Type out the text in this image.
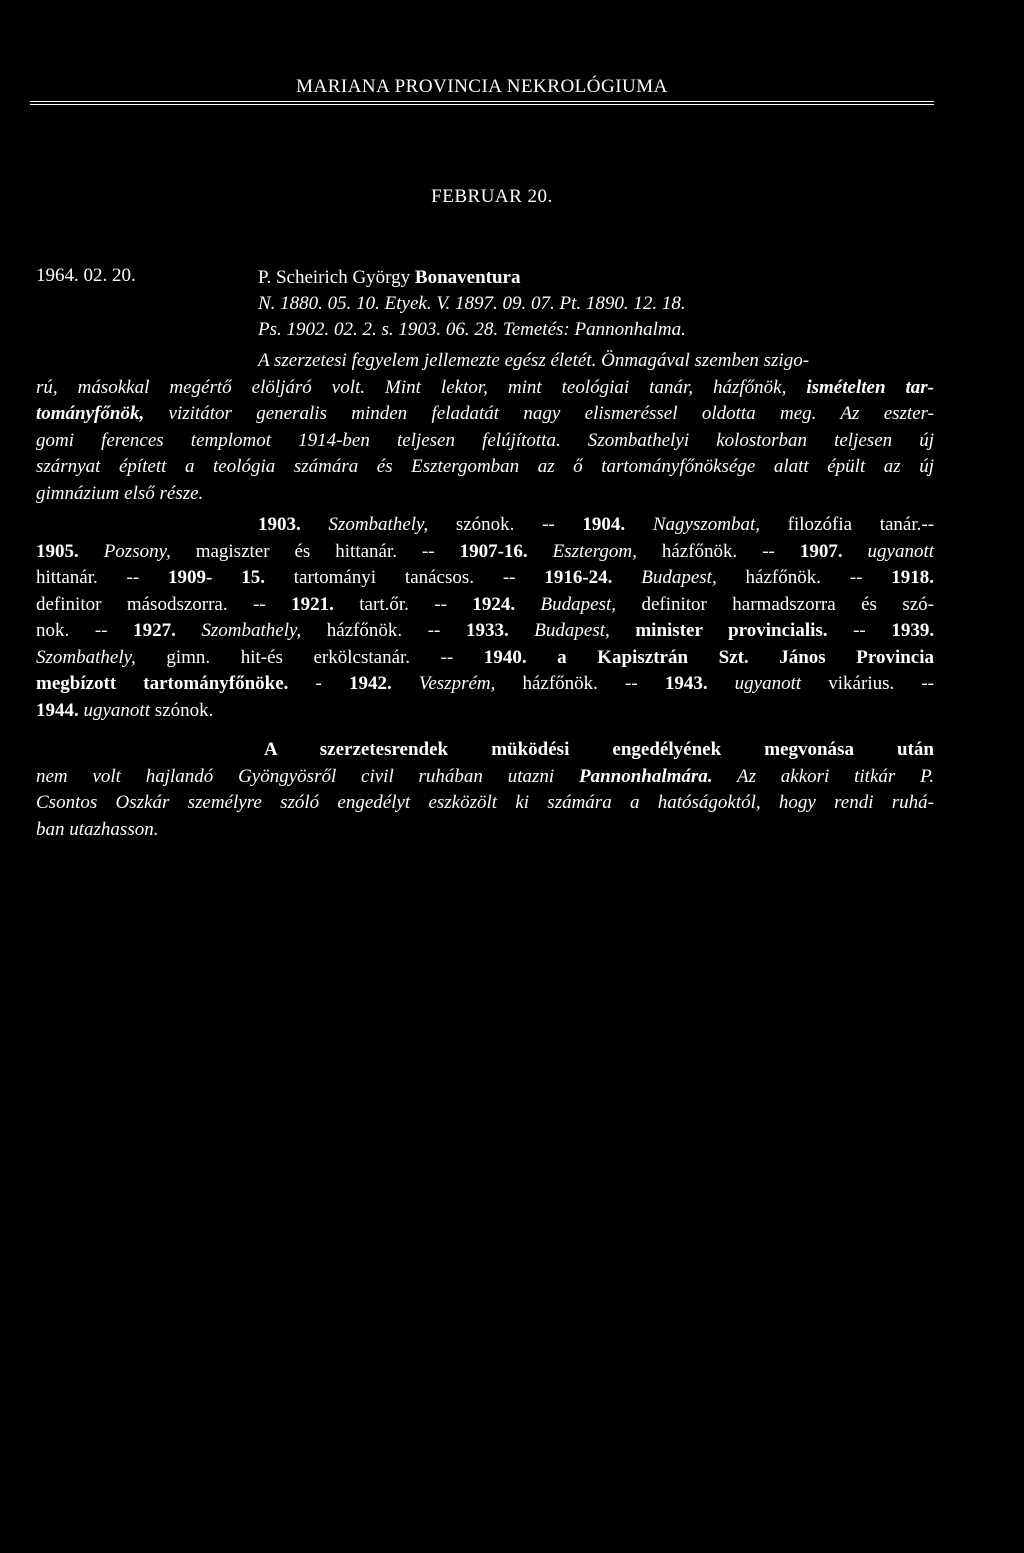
MARIANA PROVINCIA NEKROLÓGIUMA
FEBRUAR 20.
1964. 02. 20.	P. Scheirich György Bonaventura
N. 1880. 05. 10. Etyek. V. 1897. 09. 07. Pt. 1890. 12. 18.
Ps. 1902. 02. 2. s. 1903. 06. 28. Temetés: Pannonhalma.
A szerzetesi fegyelem jellemezte egész életét. Önmagával szemben szigo-
rú, másokkal megértő elöljáró volt. Mint lektor, mint teológiai tanár, házfőnök, ismételten tar-
tományfőnök, vizitátor generalis minden feladatát nagy elismeréssel oldotta meg. Az eszter-
gomi ferences templomot 1914-ben teljesen felújította. Szombathelyi kolostorban teljesen új
szárnyat épített a teológia számára és Esztergomban az ő tartományfőnöksége alatt épült az új
gimnázium első része.
1903. Szombathely, szónok. -- 1904. Nagyszombat, filozófia tanár.--
1905. Pozsony, magiszter és hittanár. -- 1907-16. Esztergom, házfőnök. -- 1907. ugyanott
hittanár. -- 1909- 15. tartományi tanácsos. -- 1916-24. Budapest, házfőnök. -- 1918.
definitor másodszorra. -- 1921. tart.őr. -- 1924. Budapest, definitor harmadszorra és szó-
nok. -- 1927. Szombathely, házfőnök. -- 1933. Budapest, minister provincialis. -- 1939.
Szombathely, gimn. hit-és erkölcstanár. -- 1940. a Kapisztrán Szt. János Provincia
megbízott tartományfőnöke. - 1942. Veszprém, házfőnök. -- 1943. ugyanott vikárius. --
1944. ugyanott szónok.
A szerzetesrendek müködési engedélyének megvonása után
nem volt hajlandó Gyöngyösről civil ruhában utazni Pannonhalmára. Az akkori titkár P.
Csontos Oszkár személyre szóló engedélyt eszközölt ki számára a hatóságoktól, hogy rendi ruhá-
ban utazhasson.
